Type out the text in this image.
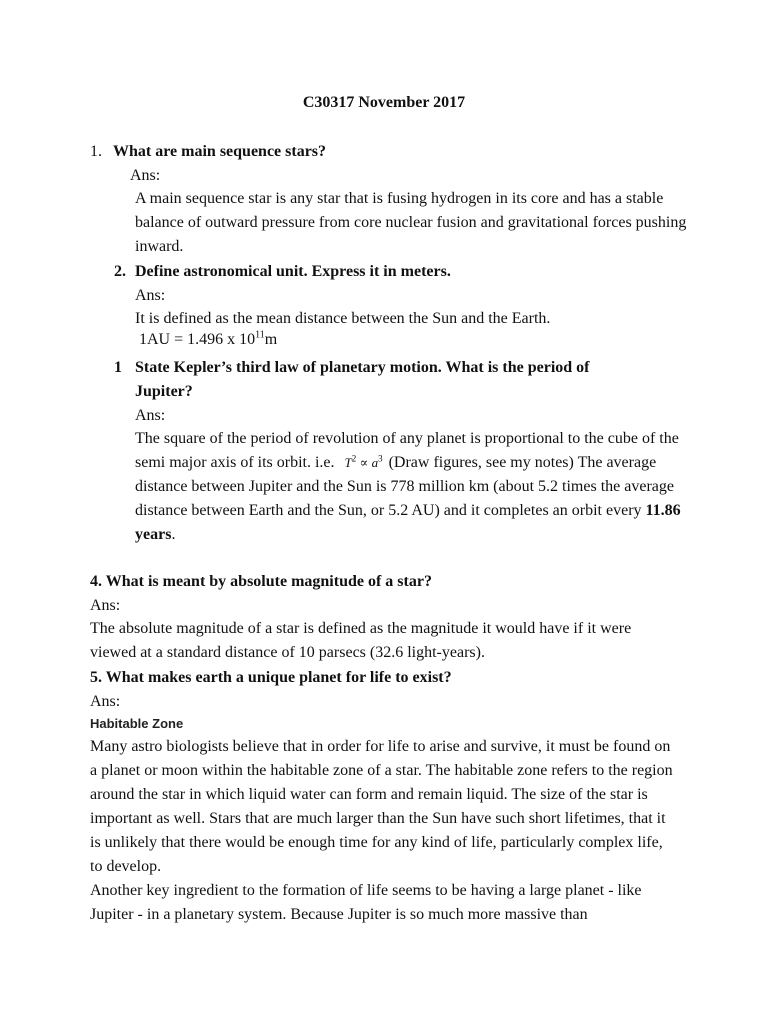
C30317 November 2017
1. What are main sequence stars?
Ans:
A main sequence star is any star that is fusing hydrogen in its core and has a stable balance of outward pressure from core nuclear fusion and gravitational forces pushing inward.
2. Define astronomical unit. Express it in meters.
Ans:
It is defined as the mean distance between the Sun and the Earth.
1AU = 1.496 x $10^{11}m$
1 State Kepler’s third law of planetary motion. What is the period of
Jupiter?
Ans:
The square of the period of revolution of any planet is proportional to the cube of the semi major axis of its orbit. i.e. $T^2 \propto a^3$ (Draw figures, see my notes) The average distance between Jupiter and the Sun is 778 million km (about 5.2 times the average distance between Earth and the Sun, or 5.2 AU) and it completes an orbit every 11.86 years.
4. What is meant by absolute magnitude of a star?
Ans:
The absolute magnitude of a star is defined as the magnitude it would have if it were viewed at a standard distance of 10 parsecs (32.6 light-years).
5. What makes earth a unique planet for life to exist?
Ans:
Habitable Zone
Many astro biologists believe that in order for life to arise and survive, it must be found on a planet or moon within the habitable zone of a star. The habitable zone refers to the region around the star in which liquid water can form and remain liquid. The size of the star is important as well. Stars that are much larger than the Sun have such short lifetimes, that it is unlikely that there would be enough time for any kind of life, particularly complex life, to develop.
Another key ingredient to the formation of life seems to be having a large planet - like Jupiter - in a planetary system. Because Jupiter is so much more massive than
